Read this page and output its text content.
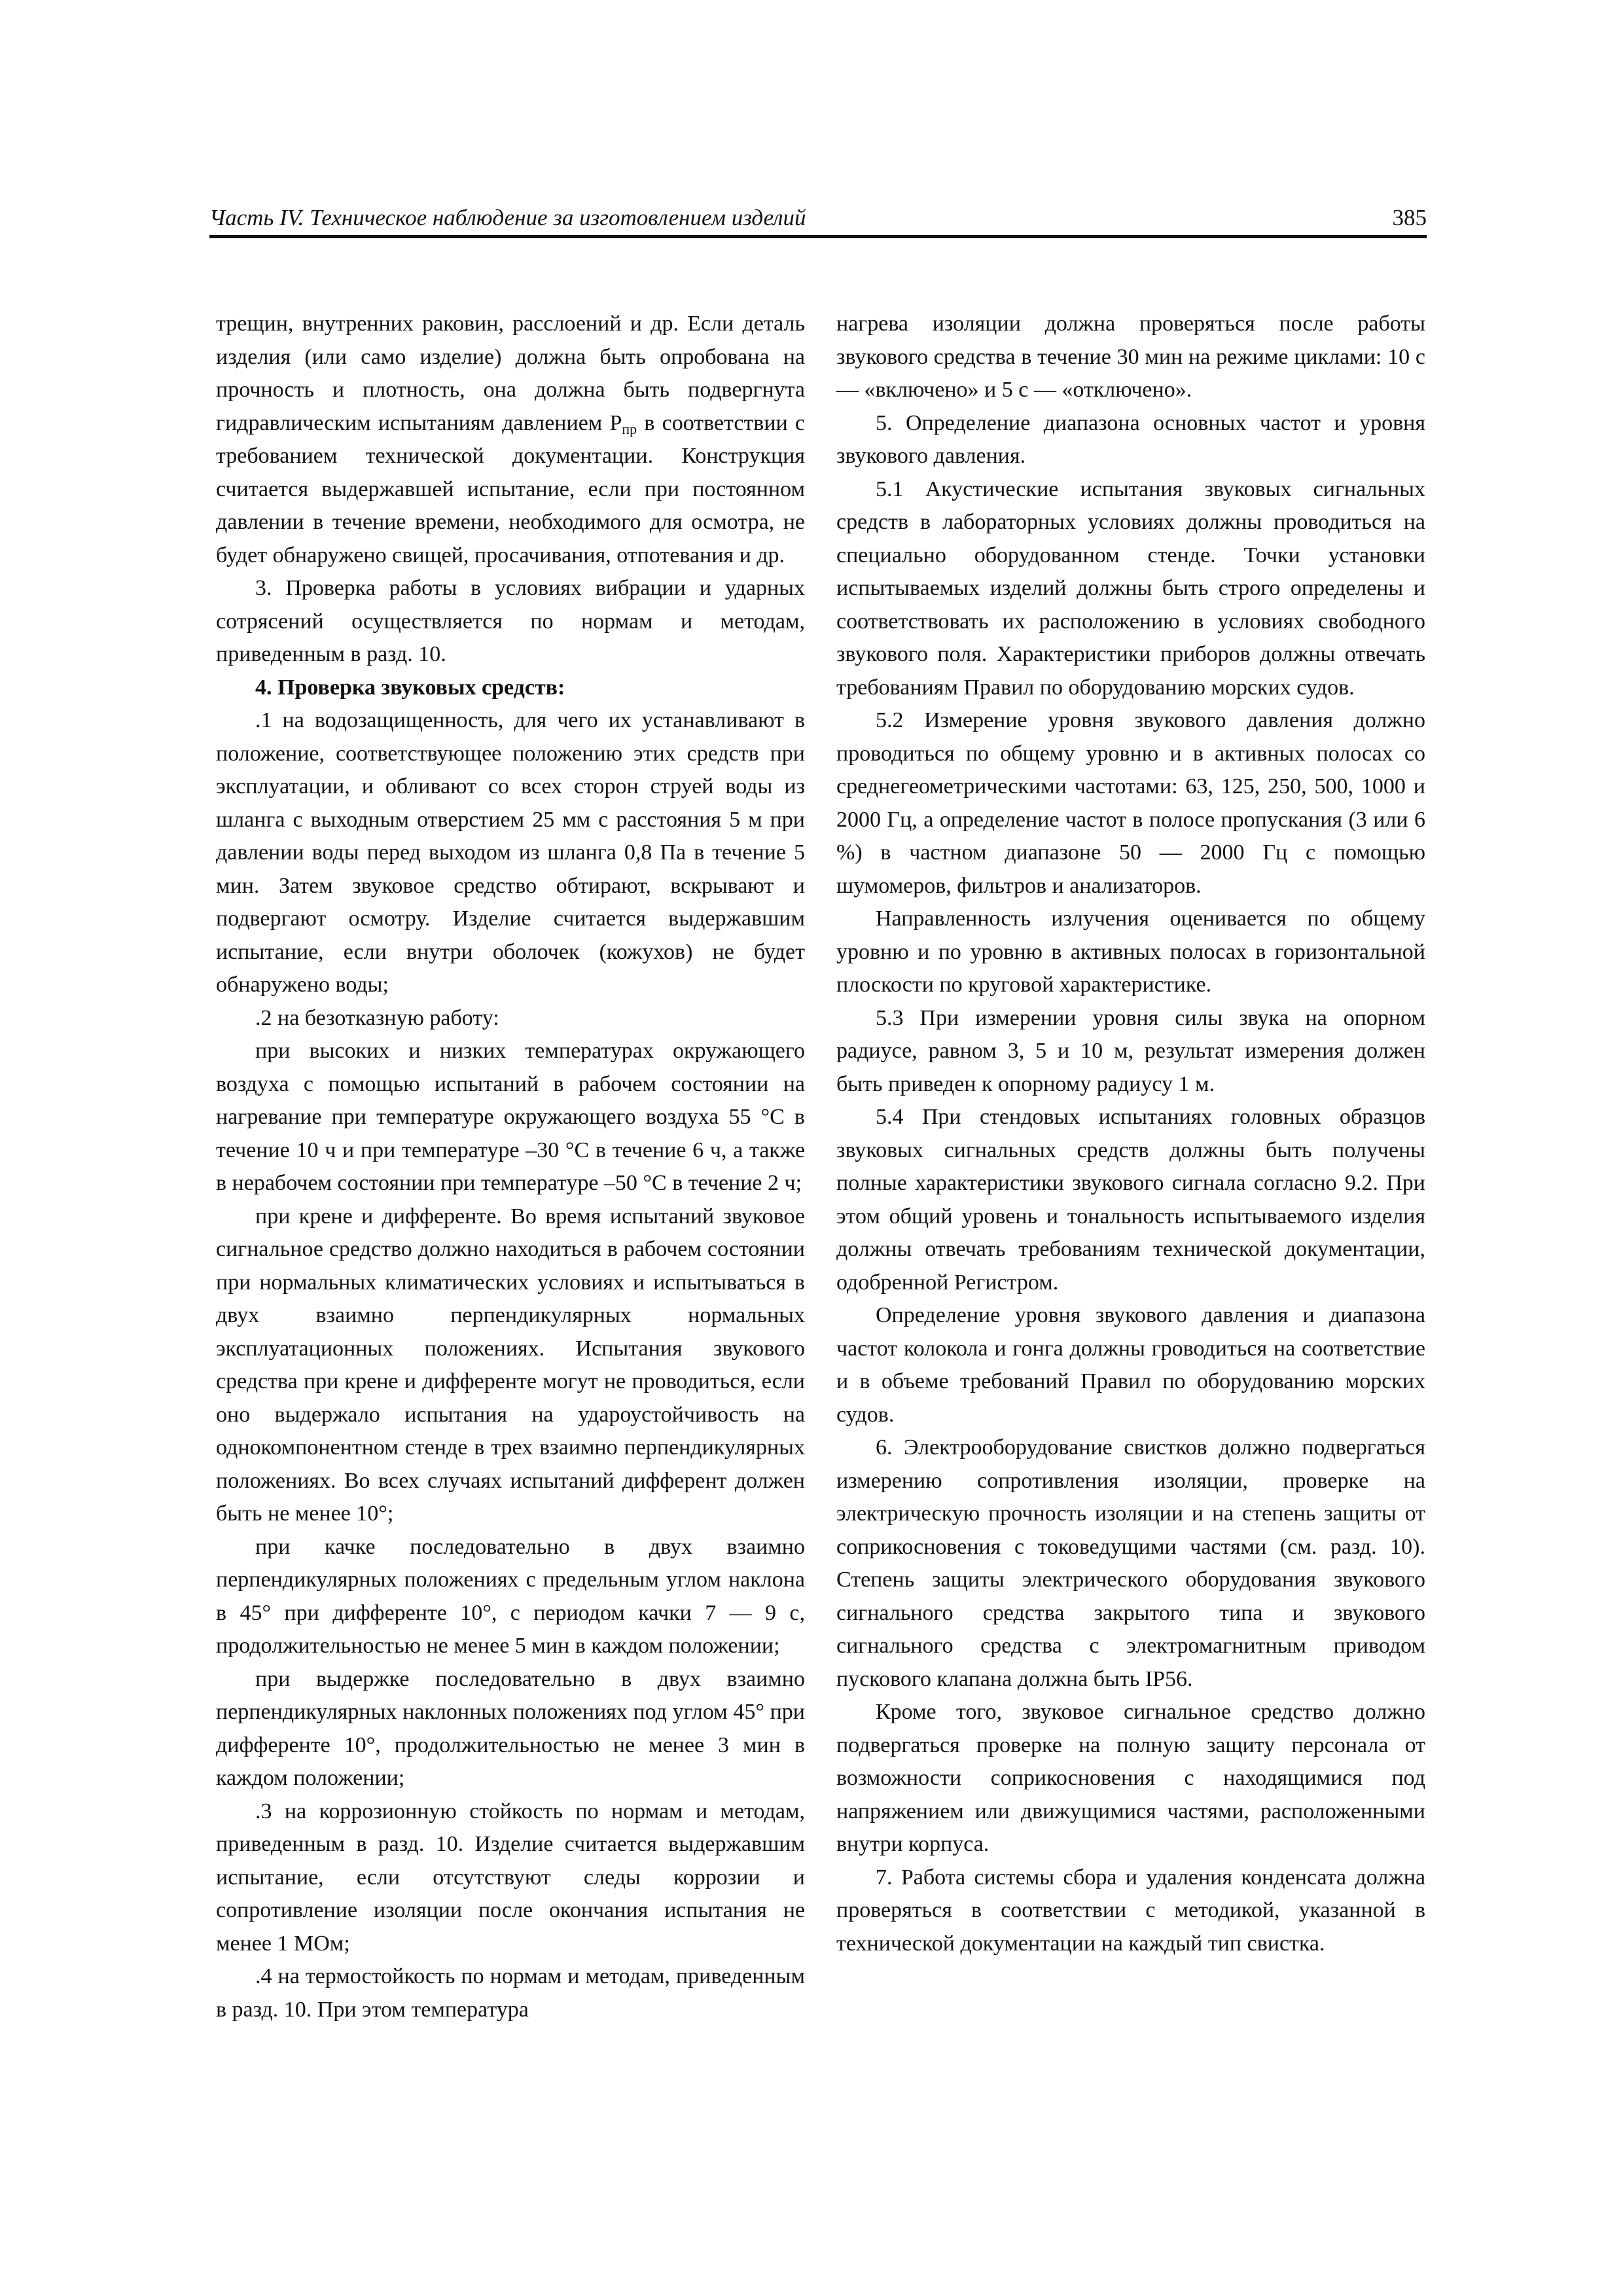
Часть IV. Техническое наблюдение за изготовлением изделий	385

трещин, внутренних раковин, расслоений и др. Если деталь изделия (или само изделие) должна быть опробована на прочность и плотность, она должна быть подвергнута гидравлическим испытаниям давлением $P_{пр}$ в соответствии с требованием технической документации. Конструкция считается выдержавшей испытание, если при постоянном давлении в течение времени, необходимого для осмотра, не будет обнаружено свищей, просачивания, отпотевания и др.

3. Проверка работы в условиях вибрации и ударных сотрясений осуществляется по нормам и методам, приведенным в разд. 10.

4. Проверка звуковых средств:

.1 на водозащищенность, для чего их устанавливают в положение, соответствующее положению этих средств при эксплуатации, и обливают со всех сторон струей воды из шланга с выходным отверстием 25 мм с расстояния 5 м при давлении воды перед выходом из шланга 0,8 Па в течение 5 мин. Затем звуковое средство обтирают, вскрывают и подвергают осмотру. Изделие считается выдержавшим испытание, если внутри оболочек (кожухов) не будет обнаружено воды;

.2 на безотказную работу:

при высоких и низких температурах окружающего воздуха с помощью испытаний в рабочем состоянии на нагревание при температуре окружающего воздуха 55 °С в течение 10 ч и при температуре –30 °С в течение 6 ч, а также в нерабочем состоянии при температуре –50 °С в течение 2 ч;

при крене и дифференте. Во время испытаний звуковое сигнальное средство должно находиться в рабочем состоянии при нормальных климатических условиях и испытываться в двух взаимно перпендикулярных нормальных эксплуатационных положениях. Испытания звукового средства при крене и дифференте могут не проводиться, если оно выдержало испытания на удароустойчивость на однокомпонентном стенде в трех взаимно перпендикулярных положениях. Во всех случаях испытаний дифферент должен быть не менее 10°;

при качке последовательно в двух взаимно перпендикулярных положениях с предельным углом наклона в 45° при дифференте 10°, с периодом качки 7 — 9 с, продолжительностью не менее 5 мин в каждом положении;

при выдержке последовательно в двух взаимно перпендикулярных наклонных положениях под углом 45° при дифференте 10°, продолжительностью не менее 3 мин в каждом положении;

.3 на коррозионную стойкость по нормам и методам, приведенным в разд. 10. Изделие считается выдержавшим испытание, если отсутствуют следы коррозии и сопротивление изоляции после окончания испытания не менее 1 МОм;

.4 на термостойкость по нормам и методам, приведенным в разд. 10. При этом температура

нагрева изоляции должна проверяться после работы звукового средства в течение 30 мин на режиме циклами: 10 с — «включено» и 5 с — «отключено».

5. Определение диапазона основных частот и уровня звукового давления.

5.1 Акустические испытания звуковых сигнальных средств в лабораторных условиях должны проводиться на специально оборудованном стенде. Точки установки испытываемых изделий должны быть строго определены и соответствовать их расположению в условиях свободного звукового поля. Характеристики приборов должны отвечать требованиям Правил по оборудованию морских судов.

5.2 Измерение уровня звукового давления должно проводиться по общему уровню и в активных полосах со среднегеометрическими частотами: 63, 125, 250, 500, 1000 и 2000 Гц, а определение частот в полосе пропускания (3 или 6 %) в частном диапазоне 50 — 2000 Гц с помощью шумомеров, фильтров и анализаторов.

Направленность излучения оценивается по общему уровню и по уровню в активных полосах в горизонтальной плоскости по круговой характеристике.

5.3 При измерении уровня силы звука на опорном радиусе, равном 3, 5 и 10 м, результат измерения должен быть приведен к опорному радиусу 1 м.

5.4 При стендовых испытаниях головных образцов звуковых сигнальных средств должны быть получены полные характеристики звукового сигнала согласно 9.2. При этом общий уровень и тональность испытываемого изделия должны отвечать требованиям технической документации, одобренной Регистром.

Определение уровня звукового давления и диапазона частот колокола и гонга должны гроводиться на соответствие и в объеме требований Правил по оборудованию морских судов.

6. Электрооборудование свистков должно подвергаться измерению сопротивления изоляции, проверке на электрическую прочность изоляции и на степень защиты от соприкосновения с токоведущими частями (см. разд. 10). Степень защиты электрического оборудования звукового сигнального средства закрытого типа и звукового сигнального средства с электромагнитным приводом пускового клапана должна быть IP56.

Кроме того, звуковое сигнальное средство должно подвергаться проверке на полную защиту персонала от возможности соприкосновения с находящимися под напряжением или движущимися частями, расположенными внутри корпуса.

7. Работа системы сбора и удаления конденсата должна проверяться в соответствии с методикой, указанной в технической документации на каждый тип свистка.
